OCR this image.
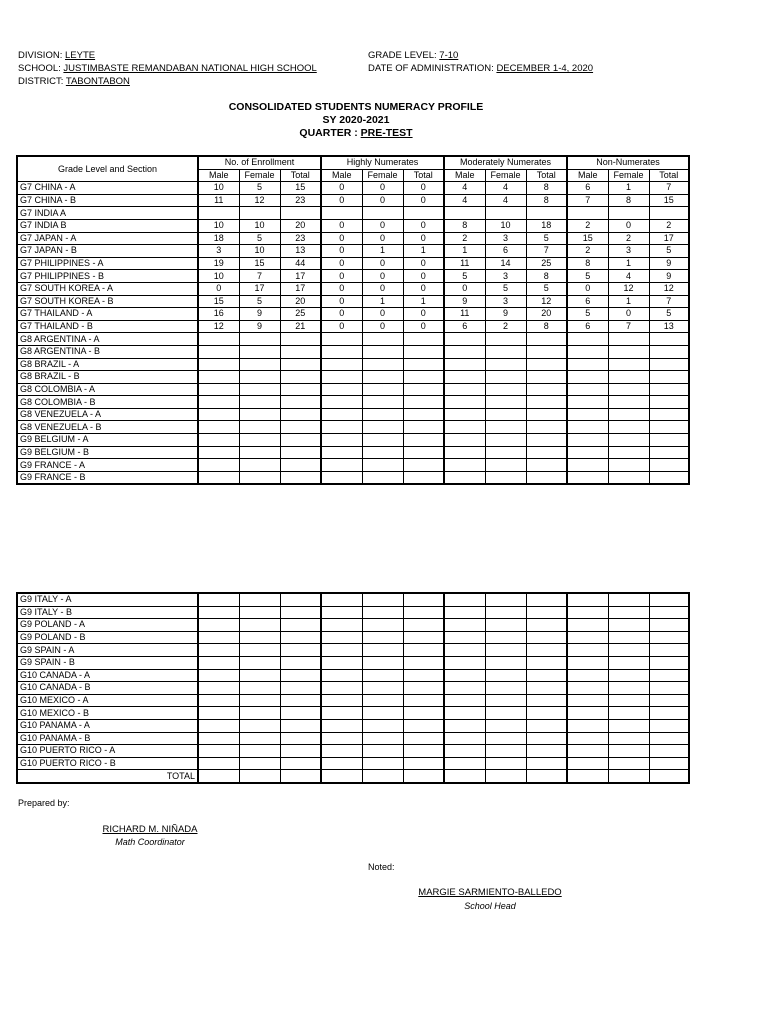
DIVISION: LEYTE
SCHOOL: JUSTIMBASTE REMANDABAN NATIONAL HIGH SCHOOL
DISTRICT: TABONTABON
GRADE LEVEL: 7-10
DATE OF ADMINISTRATION: DECEMBER 1-4, 2020
CONSOLIDATED STUDENTS NUMERACY PROFILE
SY 2020-2021
QUARTER : PRE-TEST
Grade Level and Section	No. of Enrollment			Highly Numerates			Moderately Numerates			Non-Numerates		
	Male	Female	Total	Male	Female	Total	Male	Female	Total	Male	Female	Total
G7 CHINA - A	10	5	15	0	0	0	4	4	8	6	1	7
G7 CHINA - B	11	12	23	0	0	0	4	4	8	7	8	15
G7 INDIA A												
G7 INDIA B	10	10	20	0	0	0	8	10	18	2	0	2
G7 JAPAN - A	18	5	23	0	0	0	2	3	5	15	2	17
G7 JAPAN - B	3	10	13	0	1	1	1	6	7	2	3	5
G7 PHILIPPINES - A	19	15	44	0	0	0	11	14	25	8	1	9
G7 PHILIPPINES - B	10	7	17	0	0	0	5	3	8	5	4	9
G7 SOUTH KOREA - A	0	17	17	0	0	0	0	5	5	0	12	12
G7 SOUTH KOREA - B	15	5	20	0	1	1	9	3	12	6	1	7
G7 THAILAND - A	16	9	25	0	0	0	11	9	20	5	0	5
G7 THAILAND - B	12	9	21	0	0	0	6	2	8	6	7	13
G8 ARGENTINA - A												
G8 ARGENTINA - B												
G8 BRAZIL - A												
G8 BRAZIL - B												
G8 COLOMBIA - A												
G8 COLOMBIA - B												
G8 VENEZUELA - A												
G8 VENEZUELA - B												
G9 BELGIUM - A												
G9 BELGIUM - B												
G9 FRANCE - A												
G9 FRANCE - B												
G9 ITALY - A												
G9 ITALY - B												
G9 POLAND - A												
G9 POLAND - B												
G9 SPAIN - A												
G9 SPAIN - B												
G10 CANADA - A												
G10 CANADA - B												
G10 MEXICO - A												
G10 MEXICO - B												
G10 PANAMA - A												
G10 PANAMA - B												
G10 PUERTO RICO - A												
G10 PUERTO RICO - B												
TOTAL												
Prepared by:
RICHARD M. NIÑADA
Math Coordinator
Noted:
MARGIE SARMIENTO-BALLEDO
School Head
